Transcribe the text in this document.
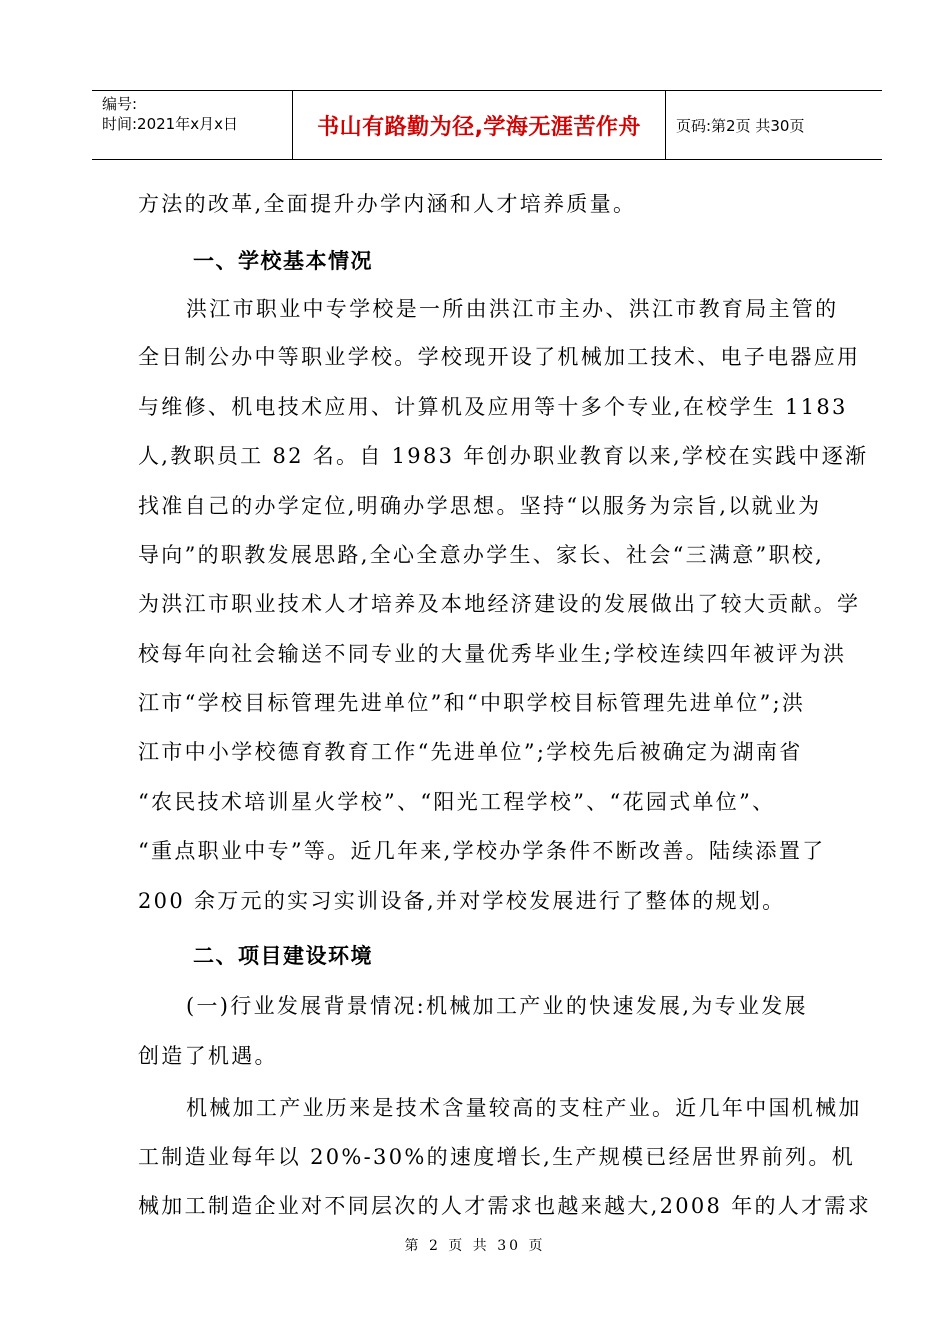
编号:
时间:2021年x月x日	书山有路勤为径,学海无涯苦作舟 页码:第2页 共30页
方法的改革,全面提升办学内涵和人才培养质量。
一、学校基本情况
洪江市职业中专学校是一所由洪江市主办、洪江市教育局主管的
全日制公办中等职业学校。学校现开设了机械加工技术、电子电器应用
与维修、机电技术应用、计算机及应用等十多个专业,在校学生 1183
人,教职员工 82 名。自 1983 年创办职业教育以来,学校在实践中逐渐
找准自己的办学定位,明确办学思想。坚持“以服务为宗旨,以就业为
导向”的职教发展思路,全心全意办学生、家长、社会“三满意”职校,
为洪江市职业技术人才培养及本地经济建设的发展做出了较大贡献。学
校每年向社会输送不同专业的大量优秀毕业生;学校连续四年被评为洪
江市“学校目标管理先进单位”和“中职学校目标管理先进单位”;洪
江市中小学校德育教育工作“先进单位”;学校先后被确定为湖南省
“农民技术培训星火学校”、“阳光工程学校”、“花园式单位”、
“重点职业中专”等。近几年来,学校办学条件不断改善。陆续添置了
200 余万元的实习实训设备,并对学校发展进行了整体的规划。
二、项目建设环境
(一)行业发展背景情况:机械加工产业的快速发展,为专业发展
创造了机遇。
机械加工产业历来是技术含量较高的支柱产业。近几年中国机械加
工制造业每年以 20%-30%的速度增长,生产规模已经居世界前列。机
械加工制造企业对不同层次的人才需求也越来越大,2008 年的人才需求
第 2 页 共 30 页
